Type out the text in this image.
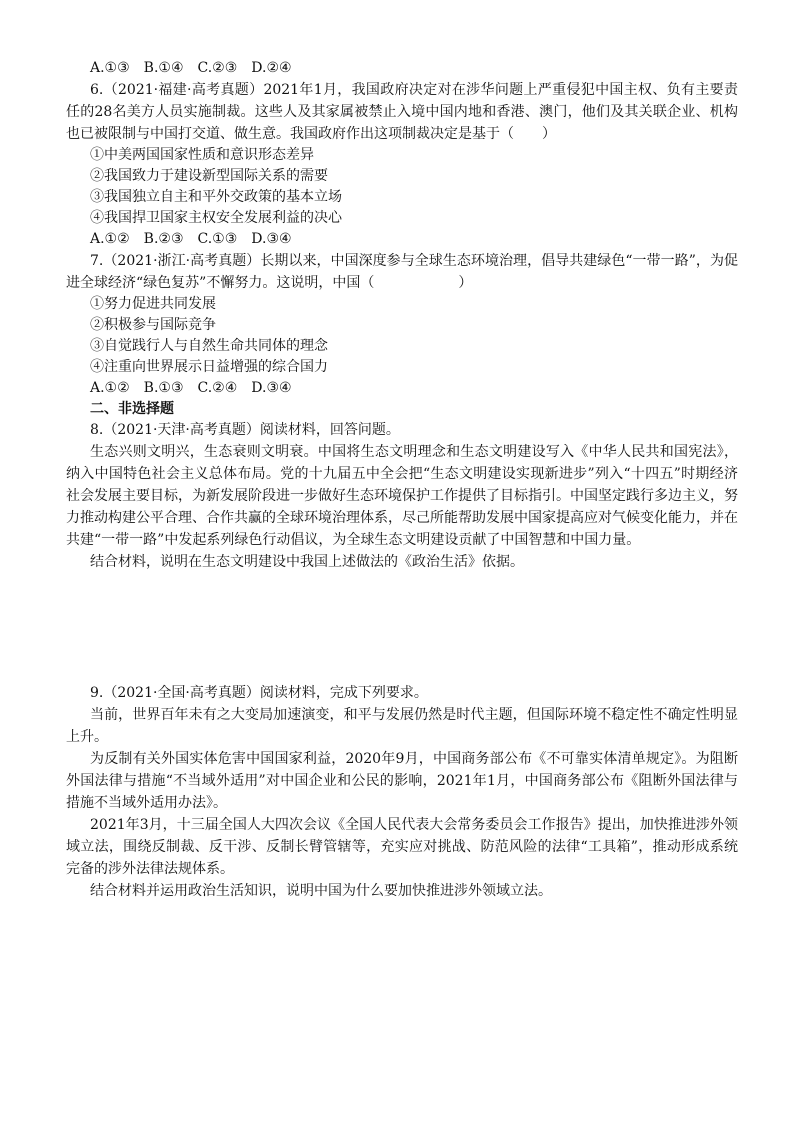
A.①③　B.①④　C.②③　D.②④
6.（2021·福建·高考真题）2021年1月，我国政府决定对在涉华问题上严重侵犯中国主权、负有主要责任的28名美方人员实施制裁。这些人及其家属被禁止入境中国内地和香港、澳门，他们及其关联企业、机构也已被限制与中国打交道、做生意。我国政府作出这项制裁决定是基于（　　）
①中美两国国家性质和意识形态差异
②我国致力于建设新型国际关系的需要
③我国独立自主和平外交政策的基本立场
④我国捍卫国家主权安全发展利益的决心
A.①②　B.②③　C.①③　D.③④
7.（2021·浙江·高考真题）长期以来，中国深度参与全球生态环境治理，倡导共建绿色“一带一路”，为促进全球经济“绿色复苏”不懈努力。这说明，中国（　　　　　　）
①努力促进共同发展
②积极参与国际竞争
③自觉践行人与自然生命共同体的理念
④注重向世界展示日益增强的综合国力
A.①②　B.①③　C.②④　D.③④
二、非选择题
8.（2021·天津·高考真题）阅读材料，回答问题。
生态兴则文明兴，生态衰则文明衰。中国将生态文明理念和生态文明建设写入《中华人民共和国宪法》，纳入中国特色社会主义总体布局。党的十九届五中全会把“生态文明建设实现新进步”列入“十四五”时期经济社会发展主要目标，为新发展阶段进一步做好生态环境保护工作提供了目标指引。中国坚定践行多边主义，努力推动构建公平合理、合作共赢的全球环境治理体系，尽己所能帮助发展中国家提高应对气候变化能力，并在共建“一带一路”中发起系列绿色行动倡议，为全球生态文明建设贡献了中国智慧和中国力量。
结合材料，说明在生态文明建设中我国上述做法的《政治生活》依据。
9.（2021·全国·高考真题）阅读材料，完成下列要求。
当前，世界百年未有之大变局加速演变，和平与发展仍然是时代主题，但国际环境不稳定性不确定性明显上升。
为反制有关外国实体危害中国国家利益，2020年9月，中国商务部公布《不可靠实体清单规定》。为阻断外国法律与措施“不当域外适用”对中国企业和公民的影响，2021年1月，中国商务部公布《阻断外国法律与措施不当域外适用办法》。
2021年3月，十三届全国人大四次会议《全国人民代表大会常务委员会工作报告》提出，加快推进涉外领域立法，围绕反制裁、反干涉、反制长臂管辖等，充实应对挑战、防范风险的法律“工具箱”，推动形成系统完备的涉外法律法规体系。
结合材料并运用政治生活知识，说明中国为什么要加快推进涉外领域立法。
